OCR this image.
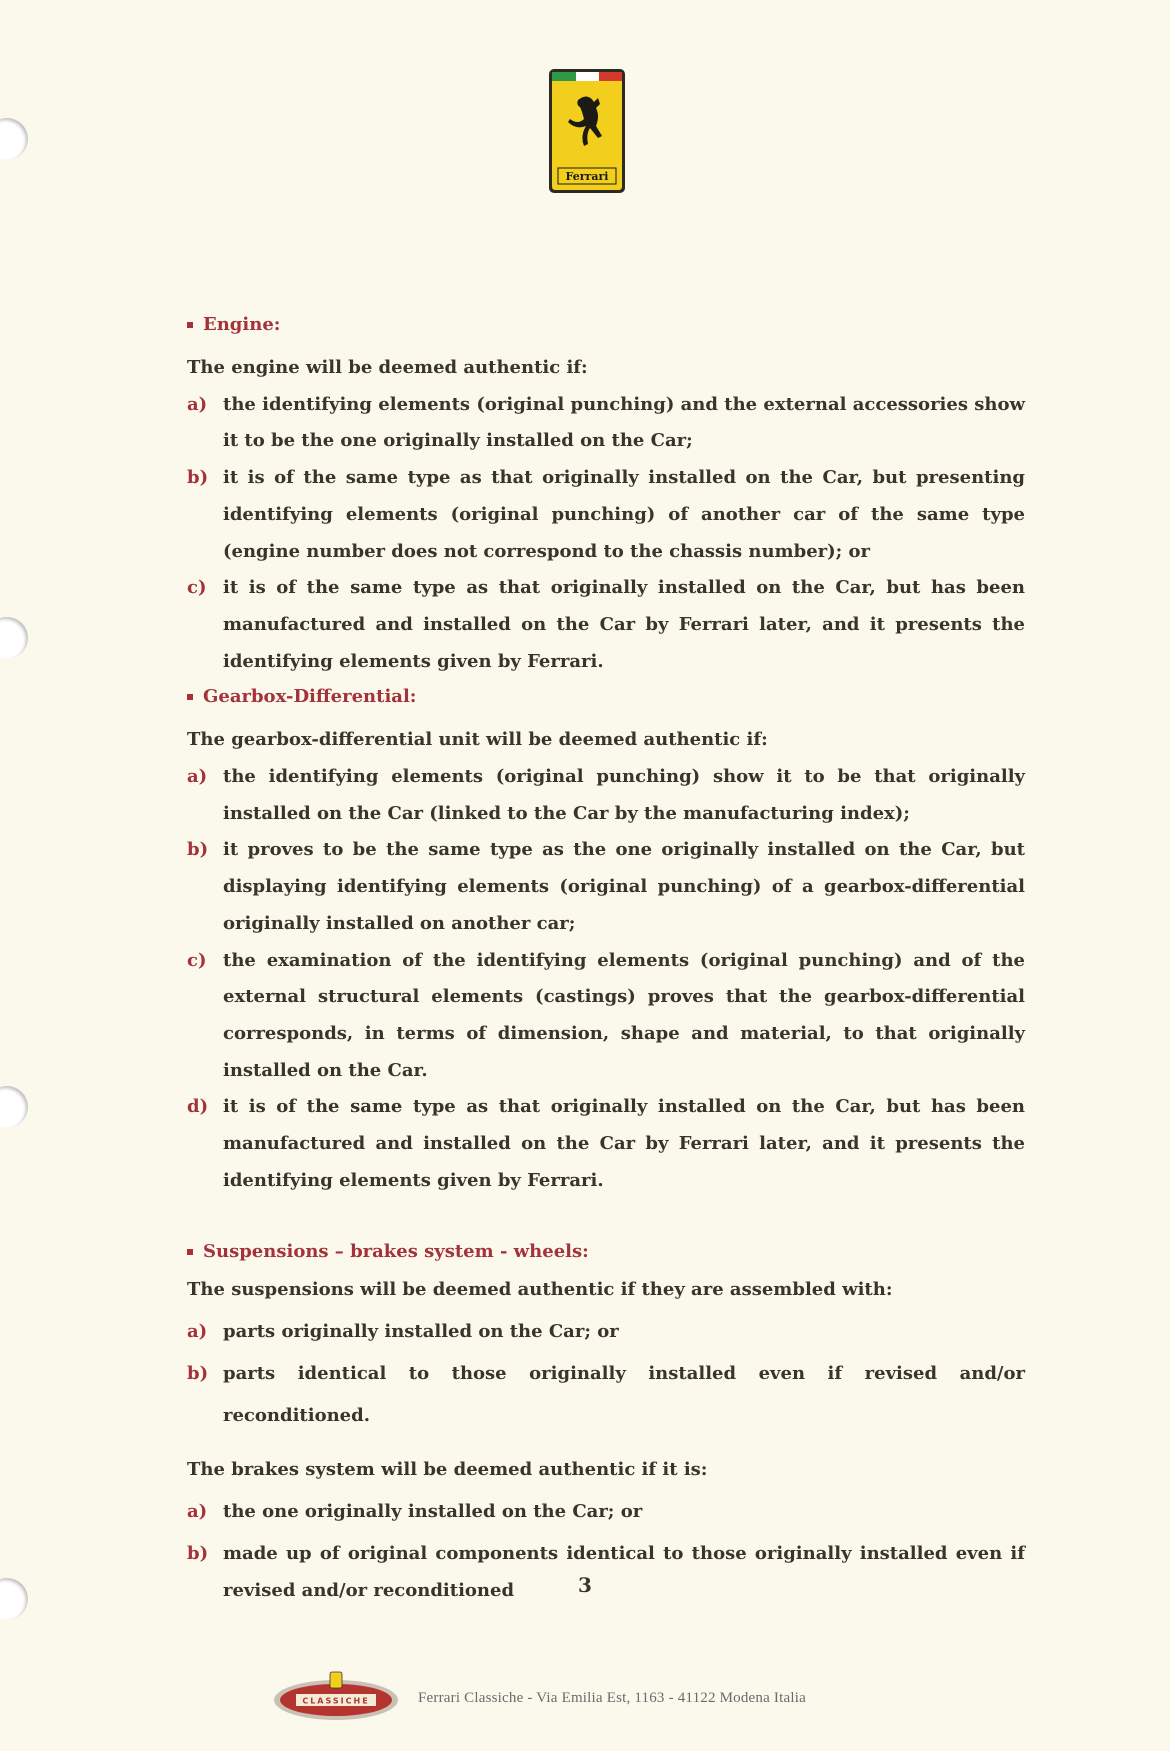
Ferrari
Engine:

The engine will be deemed authentic if:

a) the identifying elements (original punching) and the external accessories show it to be the one originally installed on the Car;
b) it is of the same type as that originally installed on the Car, but presenting identifying elements (original punching) of another car of the same type (engine number does not correspond to the chassis number); or
c) it is of the same type as that originally installed on the Car, but has been manufactured and installed on the Car by Ferrari later, and it presents the identifying elements given by Ferrari.
Gearbox-Differential:

The gearbox-differential unit will be deemed authentic if:

a) the identifying elements (original punching) show it to be that originally installed on the Car (linked to the Car by the manufacturing index);
b) it proves to be the same type as the one originally installed on the Car, but displaying identifying elements (original punching) of a gearbox-differential originally installed on another car;
c) the examination of the identifying elements (original punching) and of the external structural elements (castings) proves that the gearbox-differential corresponds, in terms of dimension, shape and material, to that originally installed on the Car.
d) it is of the same type as that originally installed on the Car, but has been manufactured and installed on the Car by Ferrari later, and it presents the identifying elements given by Ferrari.
Suspensions – brakes system - wheels:

The suspensions will be deemed authentic if they are assembled with:

a) parts originally installed on the Car; or
b) parts identical to those originally installed even if revised and/or reconditioned.

The brakes system will be deemed authentic if it is:

a) the one originally installed on the Car; or
b) made up of original components identical to those originally installed even if revised and/or reconditioned	3
CLASSICHE	Ferrari Classiche - Via Emilia Est, 1163 - 41122 Modena Italia
